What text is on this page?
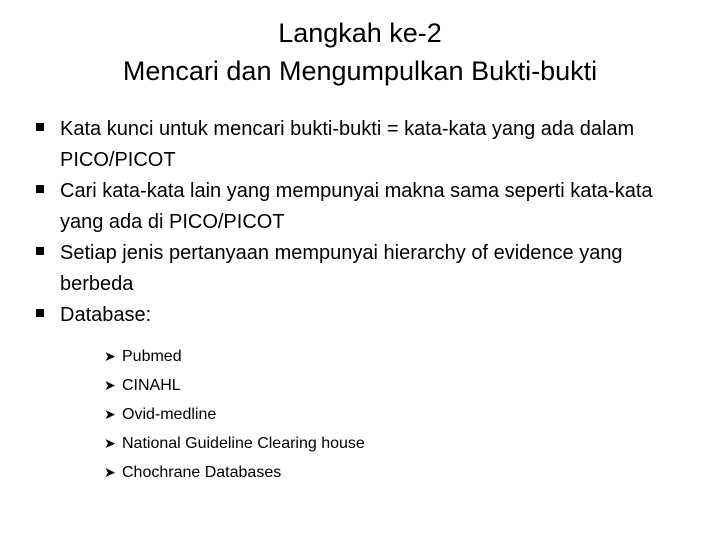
Langkah ke-2
Mencari dan Mengumpulkan Bukti-bukti
Kata kunci untuk mencari bukti-bukti = kata-kata yang ada dalam PICO/PICOT
Cari kata-kata lain yang mempunyai makna sama seperti kata-kata yang ada di PICO/PICOT
Setiap jenis pertanyaan mempunyai hierarchy of evidence yang berbeda
Database:
➤ Pubmed
➤ CINAHL
➤ Ovid-medline
➤ National Guideline Clearing house
➤ Chochrane Databases
